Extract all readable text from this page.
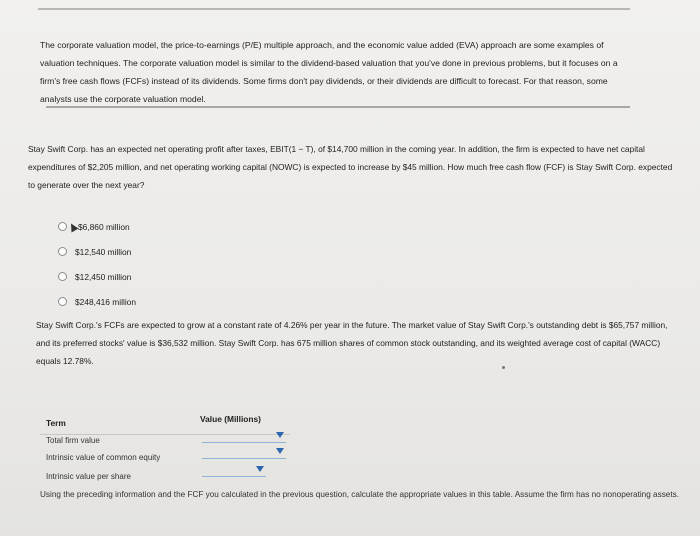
The corporate valuation model, the price-to-earnings (P/E) multiple approach, and the economic value added (EVA) approach are some examples of valuation techniques. The corporate valuation model is similar to the dividend-based valuation that you've done in previous problems, but it focuses on a firm's free cash flows (FCFs) instead of its dividends. Some firms don't pay dividends, or their dividends are difficult to forecast. For that reason, some analysts use the corporate valuation model.
Stay Swift Corp. has an expected net operating profit after taxes, EBIT(1 − T), of $14,700 million in the coming year. In addition, the firm is expected to have net capital expenditures of $2,205 million, and net operating working capital (NOWC) is expected to increase by $45 million. How much free cash flow (FCF) is Stay Swift Corp. expected to generate over the next year?
$6,860 million
$12,540 million
$12,450 million
$248,416 million
Stay Swift Corp.'s FCFs are expected to grow at a constant rate of 4.26% per year in the future. The market value of Stay Swift Corp.'s outstanding debt is $65,757 million, and its preferred stocks' value is $36,532 million. Stay Swift Corp. has 675 million shares of common stock outstanding, and its weighted average cost of capital (WACC) equals 12.78%.
Term	Value (Millions)
Total firm value
Intrinsic value of common equity
Intrinsic value per share
Using the preceding information and the FCF you calculated in the previous question, calculate the appropriate values in this table. Assume the firm has no nonoperating assets.
